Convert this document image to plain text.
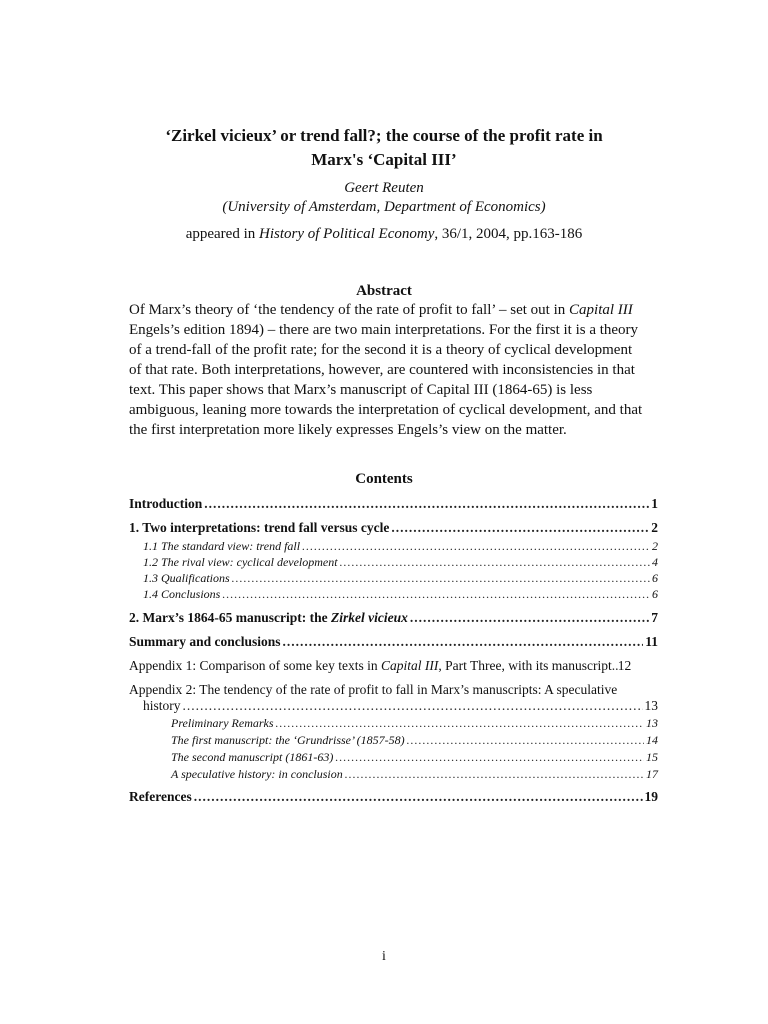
‘Zirkel vicieux’ or trend fall?; the course of the profit rate in
Marx's ‘Capital III’
Geert Reuten
(University of Amsterdam, Department of Economics)
appeared in History of Political Economy, 36/1, 2004, pp.163-186
Abstract
Of Marx’s theory of ‘the tendency of the rate of profit to fall’ – set out in Capital III
Engels’s edition 1894) – there are two main interpretations. For the first it is a theory
of a trend-fall of the profit rate; for the second it is a theory of cyclical development
of that rate. Both interpretations, however, are countered with inconsistencies in that
text. This paper shows that Marx’s manuscript of Capital III (1864-65) is less
ambiguous, leaning more towards the interpretation of cyclical development, and that
the first interpretation more likely expresses Engels’s view on the matter.
Contents
Introduction .....	1
1. Two interpretations: trend fall versus cycle .....	2
1.1 The standard view: trend fall .....	2
1.2 The rival view: cyclical development .....	4
1.3 Qualifications .....	6
1.4 Conclusions .....	6
2. Marx’s 1864-65 manuscript: the Zirkel vicieux .....	7
Summary and conclusions .....	11
Appendix 1: Comparison of some key texts in Capital III, Part Three, with its manuscript ..... 12
Appendix 2: The tendency of the rate of profit to fall in Marx’s manuscripts: A speculative
history .....	13
Preliminary Remarks .....	13
The first manuscript: the ‘Grundrisse’ (1857-58) .....	14
The second manuscript (1861-63) .....	15
A speculative history: in conclusion .....	17
References .....	19
i
